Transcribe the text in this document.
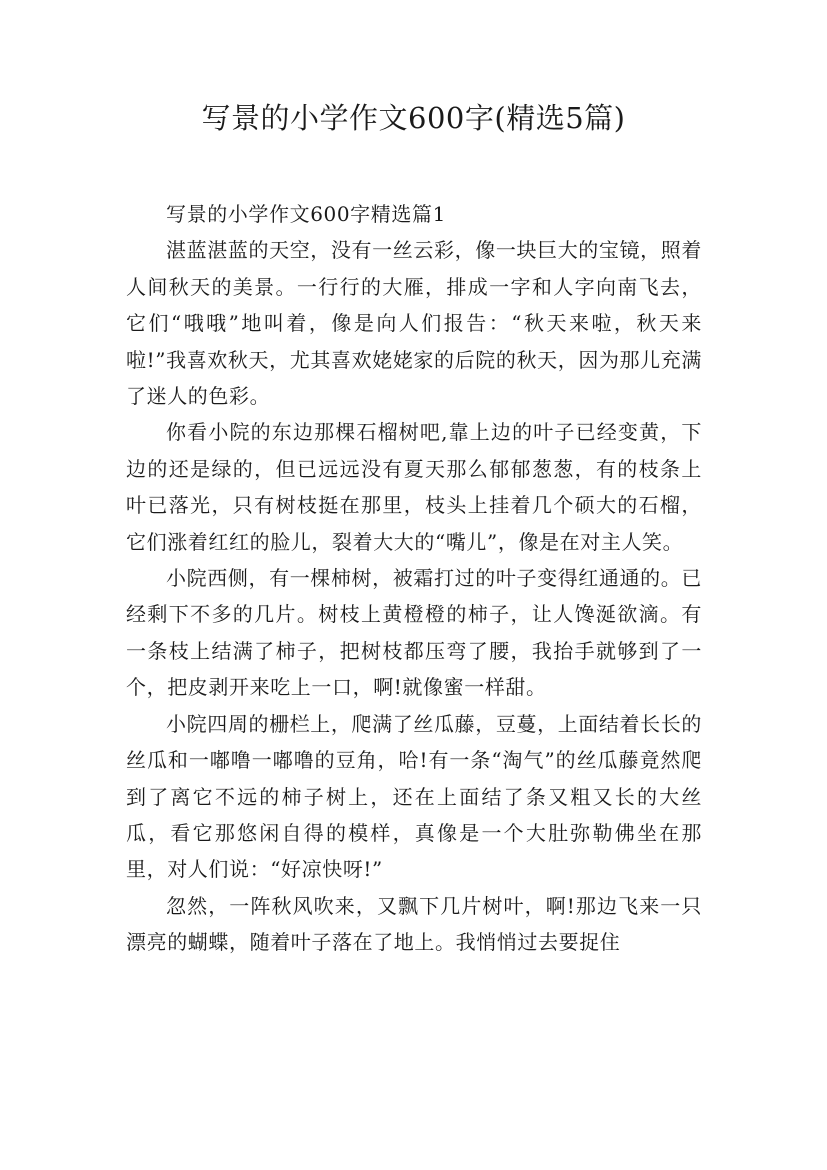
写景的小学作文600字(精选5篇)

写景的小学作文600字精选篇1

湛蓝湛蓝的天空，没有一丝云彩，像一块巨大的宝镜，照着人间秋天的美景。一行行的大雁，排成一字和人字向南飞去，它们“哦哦”地叫着，像是向人们报告：“秋天来啦，秋天来啦!”我喜欢秋天，尤其喜欢姥姥家的后院的秋天，因为那儿充满了迷人的色彩。

你看小院的东边那棵石榴树吧,靠上边的叶子已经变黄，下边的还是绿的，但已远远没有夏天那么郁郁葱葱，有的枝条上叶已落光，只有树枝挺在那里，枝头上挂着几个硕大的石榴，它们涨着红红的脸儿，裂着大大的“嘴儿”，像是在对主人笑。

小院西侧，有一棵柿树，被霜打过的叶子变得红通通的。已经剩下不多的几片。树枝上黄橙橙的柿子，让人馋涎欲滴。有一条枝上结满了柿子，把树枝都压弯了腰，我抬手就够到了一个，把皮剥开来吃上一口，啊!就像蜜一样甜。

小院四周的栅栏上，爬满了丝瓜藤，豆蔓，上面结着长长的丝瓜和一嘟噜一嘟噜的豆角，哈!有一条“淘气”的丝瓜藤竟然爬到了离它不远的柿子树上，还在上面结了条又粗又长的大丝瓜，看它那悠闲自得的模样，真像是一个大肚弥勒佛坐在那里，对人们说：“好凉快呀!”

忽然，一阵秋风吹来，又飘下几片树叶，啊!那边飞来一只漂亮的蝴蝶，随着叶子落在了地上。我悄悄过去要捉住
